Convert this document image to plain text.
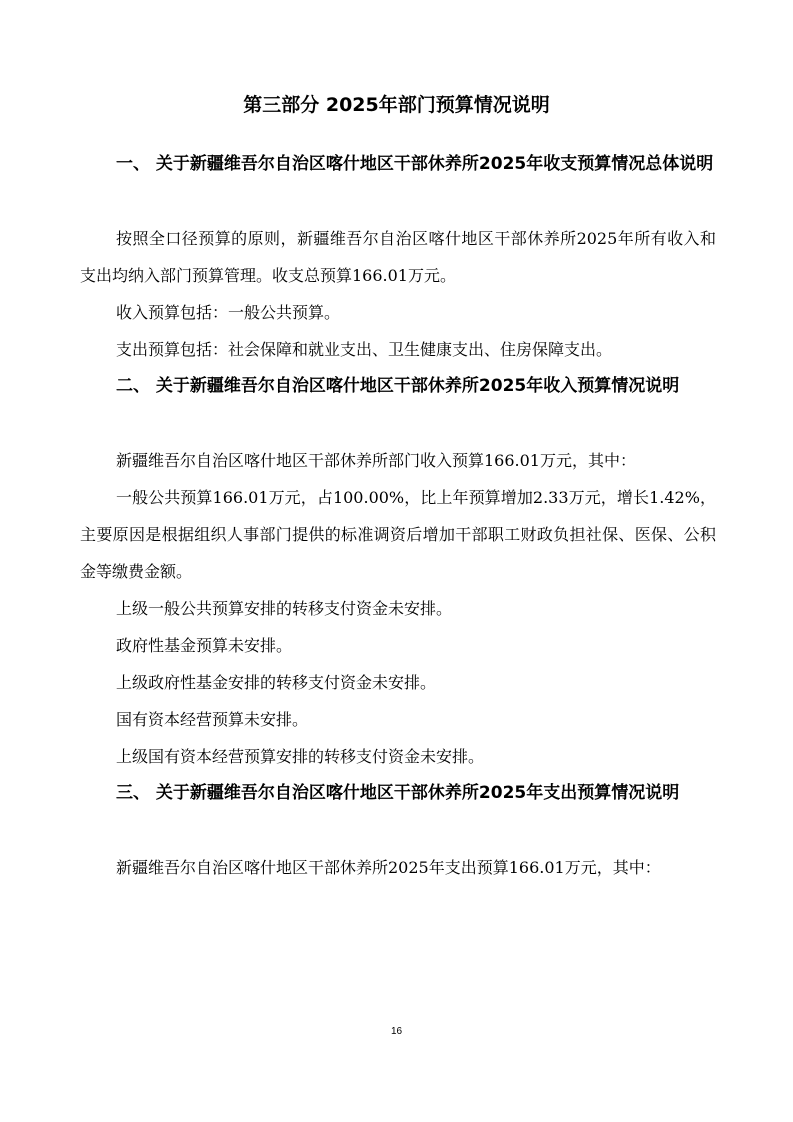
第三部分 2025年部门预算情况说明
一、 关于新疆维吾尔自治区喀什地区干部休养所2025年收支预算情况总体说明
按照全口径预算的原则，新疆维吾尔自治区喀什地区干部休养所2025年所有收入和支出均纳入部门预算管理。收支总预算166.01万元。
收入预算包括：一般公共预算。
支出预算包括：社会保障和就业支出、卫生健康支出、住房保障支出。
二、 关于新疆维吾尔自治区喀什地区干部休养所2025年收入预算情况说明
新疆维吾尔自治区喀什地区干部休养所部门收入预算166.01万元，其中：
一般公共预算166.01万元，占100.00%，比上年预算增加2.33万元，增长1.42%，主要原因是根据组织人事部门提供的标准调资后增加干部职工财政负担社保、医保、公积金等缴费金额。
上级一般公共预算安排的转移支付资金未安排。
政府性基金预算未安排。
上级政府性基金安排的转移支付资金未安排。
国有资本经营预算未安排。
上级国有资本经营预算安排的转移支付资金未安排。
三、 关于新疆维吾尔自治区喀什地区干部休养所2025年支出预算情况说明
新疆维吾尔自治区喀什地区干部休养所2025年支出预算166.01万元，其中：
16
